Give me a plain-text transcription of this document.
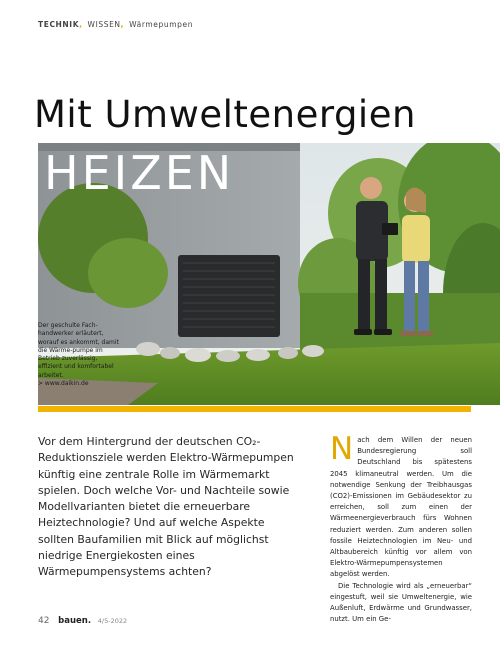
TECHNIK, WISSEN, Wärmepumpen
Mit Umweltenergien
HEIZEN

Der geschulte Fach-handwerker erläutert, worauf es ankommt, damit die Wärme-pumpe im Betrieb zuverlässig, effizient und komfortabel arbeitet.

> www.daikin.de

Vor dem Hintergrund der deutschen CO₂-Reduktionsziele werden Elektro-Wärmepumpen künftig eine zentrale Rolle im Wärmemarkt spielen. Doch welche Vor- und Nachteile sowie Modellvarianten bietet die erneuerbare Heiztechnologie? Und auf welche Aspekte sollten Baufamilien mit Blick auf möglichst niedrige Energiekosten eines Wärmepumpensystems achten?

N ach dem Willen der neuen Bundesregierung soll Deutschland bis spätestens 2045 klimaneutral werden. Um die notwendige Senkung der Treibhausgas (CO2)-Emissionen im Gebäudesektor zu erreichen, soll zum einen der Wärmeenergieverbrauch fürs Wohnen reduziert werden. Zum anderen sollen fossile Heiztechnologien im Neu- und Altbaubereich künftig vor allem von Elektro-Wärmepumpensystemen abgelöst werden.

Die Technologie wird als „erneuerbar“ eingestuft, weil sie Umweltenergie, wie Außenluft, Erdwärme und Grundwasser, nutzt. Um ein Ge-

42 bauen. 4/5-2022
